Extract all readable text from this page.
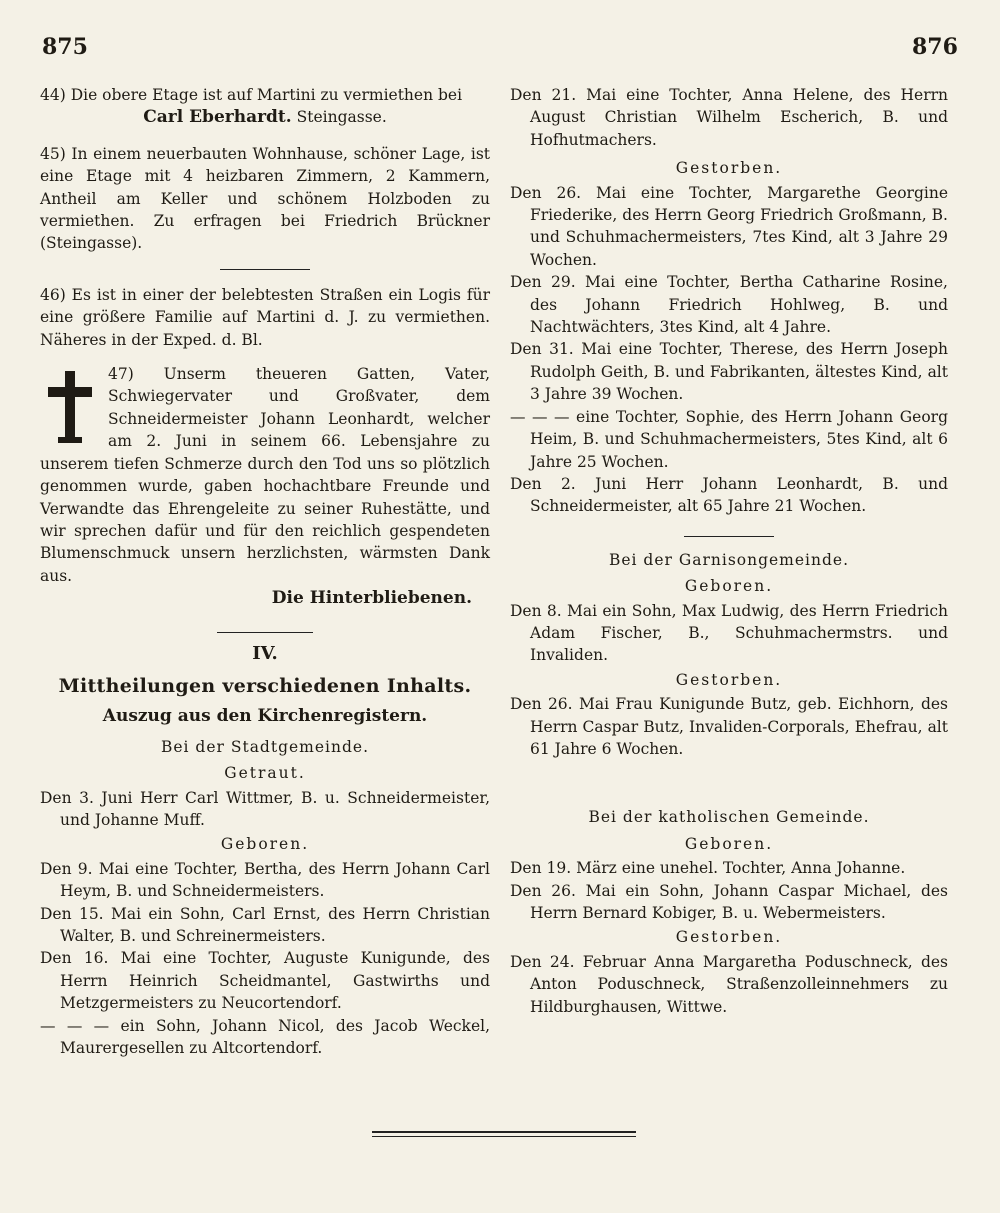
875	876

44) Die obere Etage ist auf Martini zu vermiethen bei

Carl Eberhardt. Steingasse.

45) In einem neuerbauten Wohnhause, schöner Lage, ist eine Etage mit 4 heizbaren Zimmern, 2 Kammern, Antheil am Keller und schönem Holzboden zu vermiethen. Zu erfragen bei Friedrich Brückner (Steingasse).

46) Es ist in einer der belebtesten Straßen ein Logis für eine größere Familie auf Martini d. J. zu vermiethen. Näheres in der Exped. d. Bl.

47) Unserm theueren Gatten, Vater, Schwiegervater und Großvater, dem Schneidermeister Johann Leonhardt, welcher am 2. Juni in seinem 66. Lebensjahre zu unserem tiefen Schmerze durch den Tod uns so plötzlich genommen wurde, gaben hochachtbare Freunde und Verwandte das Ehrengeleite zu seiner Ruhestätte, und wir sprechen dafür und für den reichlich gespendeten Blumenschmuck unsern herzlichsten, wärmsten Dank aus.

Die Hinterbliebenen.

IV.
Mittheilungen verschiedenen Inhalts.
Auszug aus den Kirchenregistern.
Bei der Stadtgemeinde.
Getraut.

Den 3. Juni Herr Carl Wittmer, B. u. Schneidermeister, und Johanne Muff.

Geboren.

Den 9. Mai eine Tochter, Bertha, des Herrn Johann Carl Heym, B. und Schneidermeisters.

Den 15. Mai ein Sohn, Carl Ernst, des Herrn Christian Walter, B. und Schreinermeisters.

Den 16. Mai eine Tochter, Auguste Kunigunde, des Herrn Heinrich Scheidmantel, Gastwirths und Metzgermeisters zu Neucortendorf.

— — — ein Sohn, Johann Nicol, des Jacob Weckel, Maurergesellen zu Altcortendorf.

Den 21. Mai eine Tochter, Anna Helene, des Herrn August Christian Wilhelm Escherich, B. und Hofhutmachers.

Gestorben.

Den 26. Mai eine Tochter, Margarethe Georgine Friederike, des Herrn Georg Friedrich Großmann, B. und Schuhmachermeisters, 7tes Kind, alt 3 Jahre 29 Wochen.

Den 29. Mai eine Tochter, Bertha Catharine Rosine, des Johann Friedrich Hohlweg, B. und Nachtwächters, 3tes Kind, alt 4 Jahre.

Den 31. Mai eine Tochter, Therese, des Herrn Joseph Rudolph Geith, B. und Fabrikanten, ältestes Kind, alt 3 Jahre 39 Wochen.

— — — eine Tochter, Sophie, des Herrn Johann Georg Heim, B. und Schuhmachermeisters, 5tes Kind, alt 6 Jahre 25 Wochen.

Den 2. Juni Herr Johann Leonhardt, B. und Schneidermeister, alt 65 Jahre 21 Wochen.

Bei der Garnisongemeinde.
Geboren.

Den 8. Mai ein Sohn, Max Ludwig, des Herrn Friedrich Adam Fischer, B., Schuhmachermstrs. und Invaliden.

Gestorben.

Den 26. Mai Frau Kunigunde Butz, geb. Eichhorn, des Herrn Caspar Butz, Invaliden-Corporals, Ehefrau, alt 61 Jahre 6 Wochen.

Bei der katholischen Gemeinde.
Geboren.

Den 19. März eine unehel. Tochter, Anna Johanne.

Den 26. Mai ein Sohn, Johann Caspar Michael, des Herrn Bernard Kobiger, B. u. Webermeisters.

Gestorben.

Den 24. Februar Anna Margaretha Poduschneck, des Anton Poduschneck, Straßenzolleinnehmers zu Hildburghausen, Wittwe.
